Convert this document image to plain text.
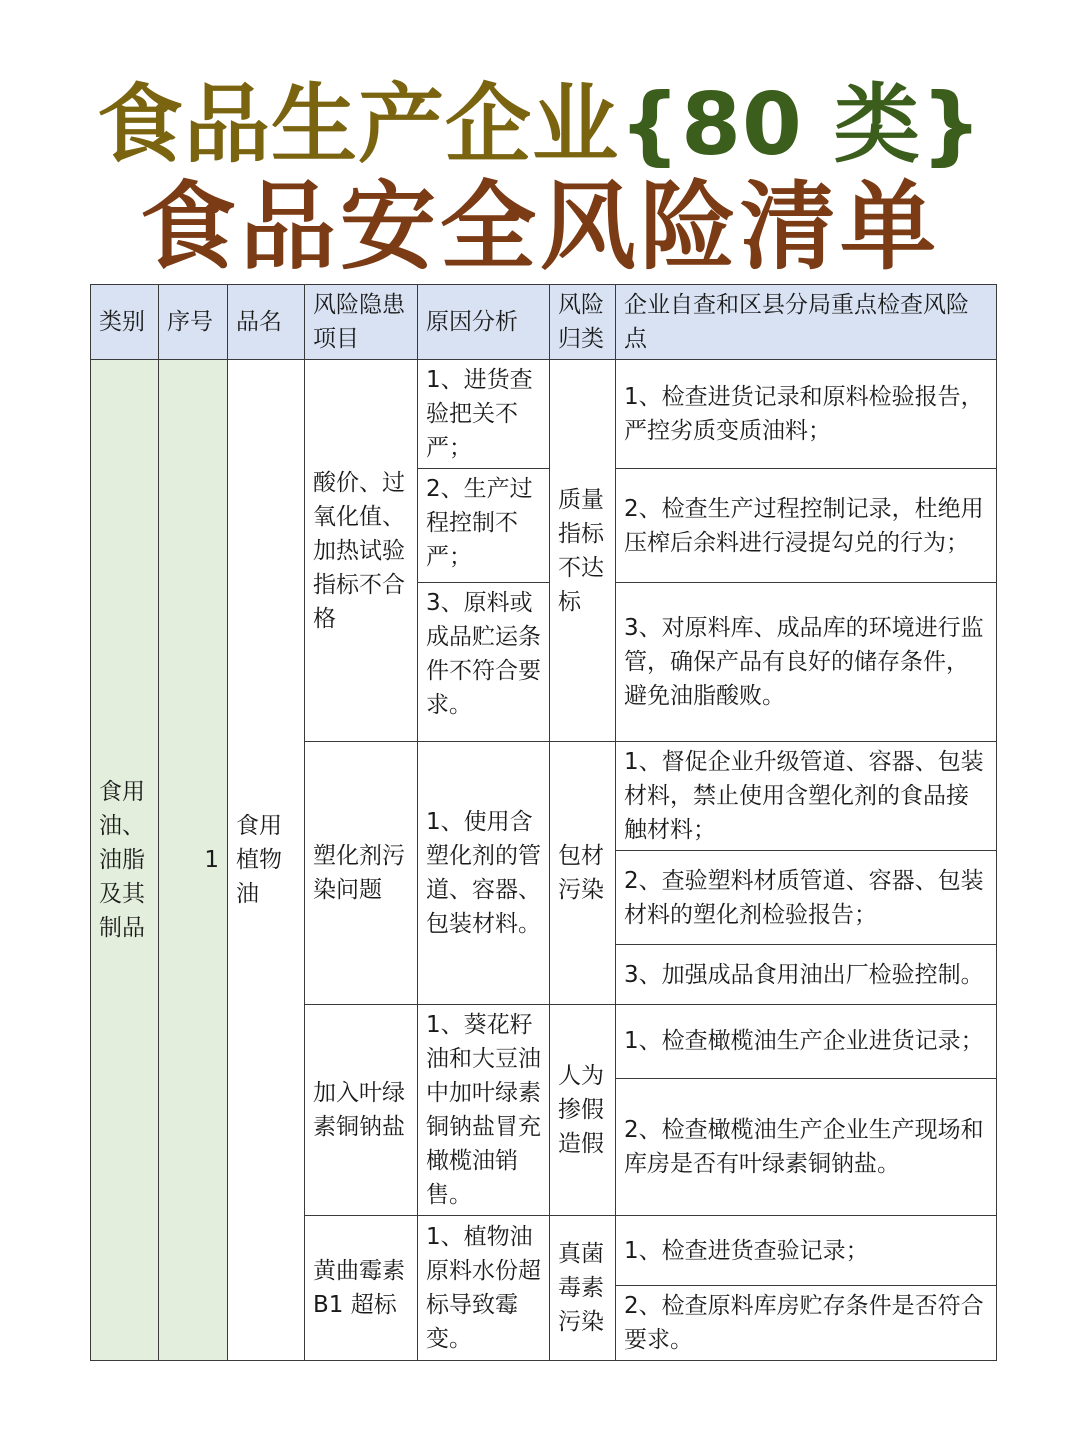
食品生产企业{80 类}
食品安全风险清单
类别	序号	品名	风险隐患项目	原因分析	风险归类	企业自查和区县分局重点检查风险点
食用油、油脂及其制品	1	食用植物油	酸价、过氧化值、加热试验指标不合格	1、进货查验把关不严；	质量指标不达标	1、检查进货记录和原料检验报告，严控劣质变质油料；
				2、生产过程控制不严；		2、检查生产过程控制记录，杜绝用压榨后余料进行浸提勾兑的行为；
				3、原料或成品贮运条件不符合要求。		3、对原料库、成品库的环境进行监管，确保产品有良好的储存条件，避免油脂酸败。
			塑化剂污染问题	1、使用含塑化剂的管道、容器、包装材料。	包材污染	1、督促企业升级管道、容器、包装材料，禁止使用含塑化剂的食品接触材料；
						2、查验塑料材质管道、容器、包装材料的塑化剂检验报告；
						3、加强成品食用油出厂检验控制。
			加入叶绿素铜钠盐	1、葵花籽油和大豆油中加叶绿素铜钠盐冒充橄榄油销售。	人为掺假造假	1、检查橄榄油生产企业进货记录；
						2、检查橄榄油生产企业生产现场和库房是否有叶绿素铜钠盐。
			黄曲霉素 B1 超标	1、植物油原料水份超标导致霉变。	真菌毒素污染	1、检查进货查验记录；
						2、检查原料库房贮存条件是否符合要求。
